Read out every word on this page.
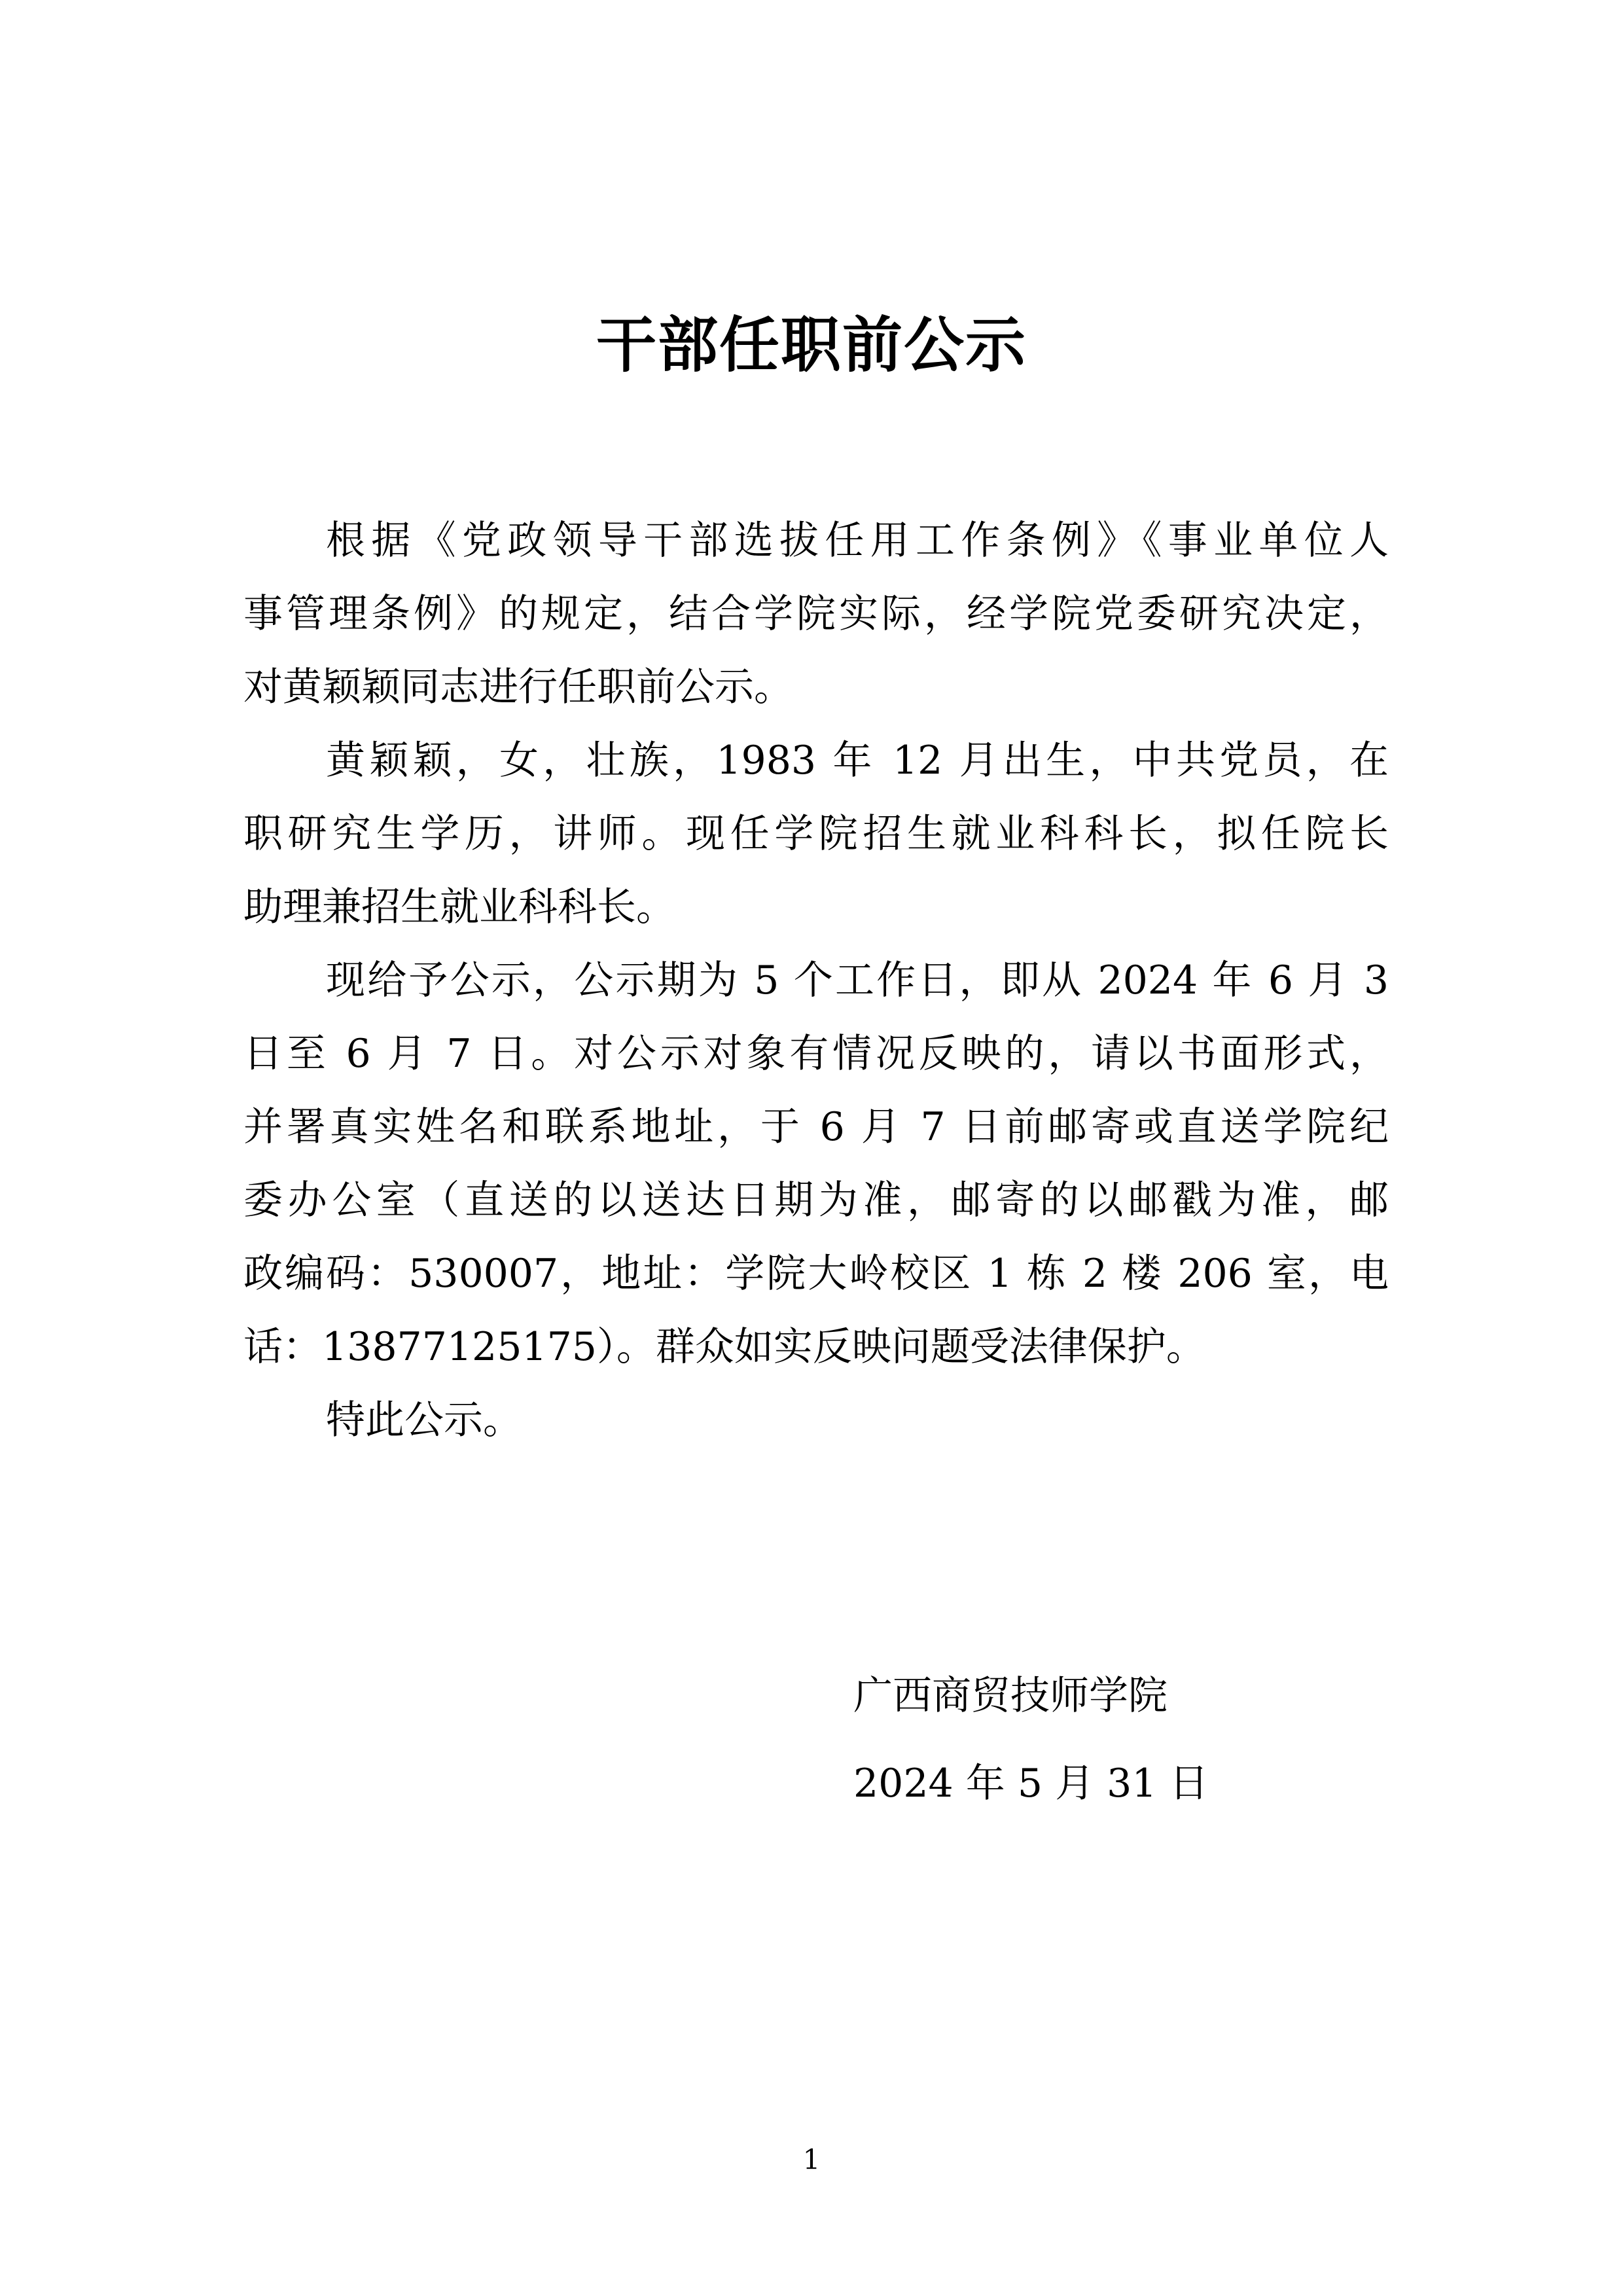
干部任职前公示
根据《党政领导干部选拔任用工作条例》《事业单位人
事管理条例》的规定，结合学院实际，经学院党委研究决定，
对黄颖颖同志进行任职前公示。
黄颖颖，女，壮族，1983 年 12 月出生，中共党员，在
职研究生学历，讲师。现任学院招生就业科科长，拟任院长
助理兼招生就业科科长。
现给予公示，公示期为 5 个工作日，即从 2024 年 6 月 3
日至 6 月 7 日。对公示对象有情况反映的，请以书面形式，
并署真实姓名和联系地址，于 6 月 7 日前邮寄或直送学院纪
委办公室（直送的以送达日期为准，邮寄的以邮戳为准，邮
政编码：530007，地址：学院大岭校区 1 栋 2 楼 206 室，电
话：13877125175）。群众如实反映问题受法律保护。
特此公示。
广西商贸技师学院
2024 年 5 月 31 日
1
